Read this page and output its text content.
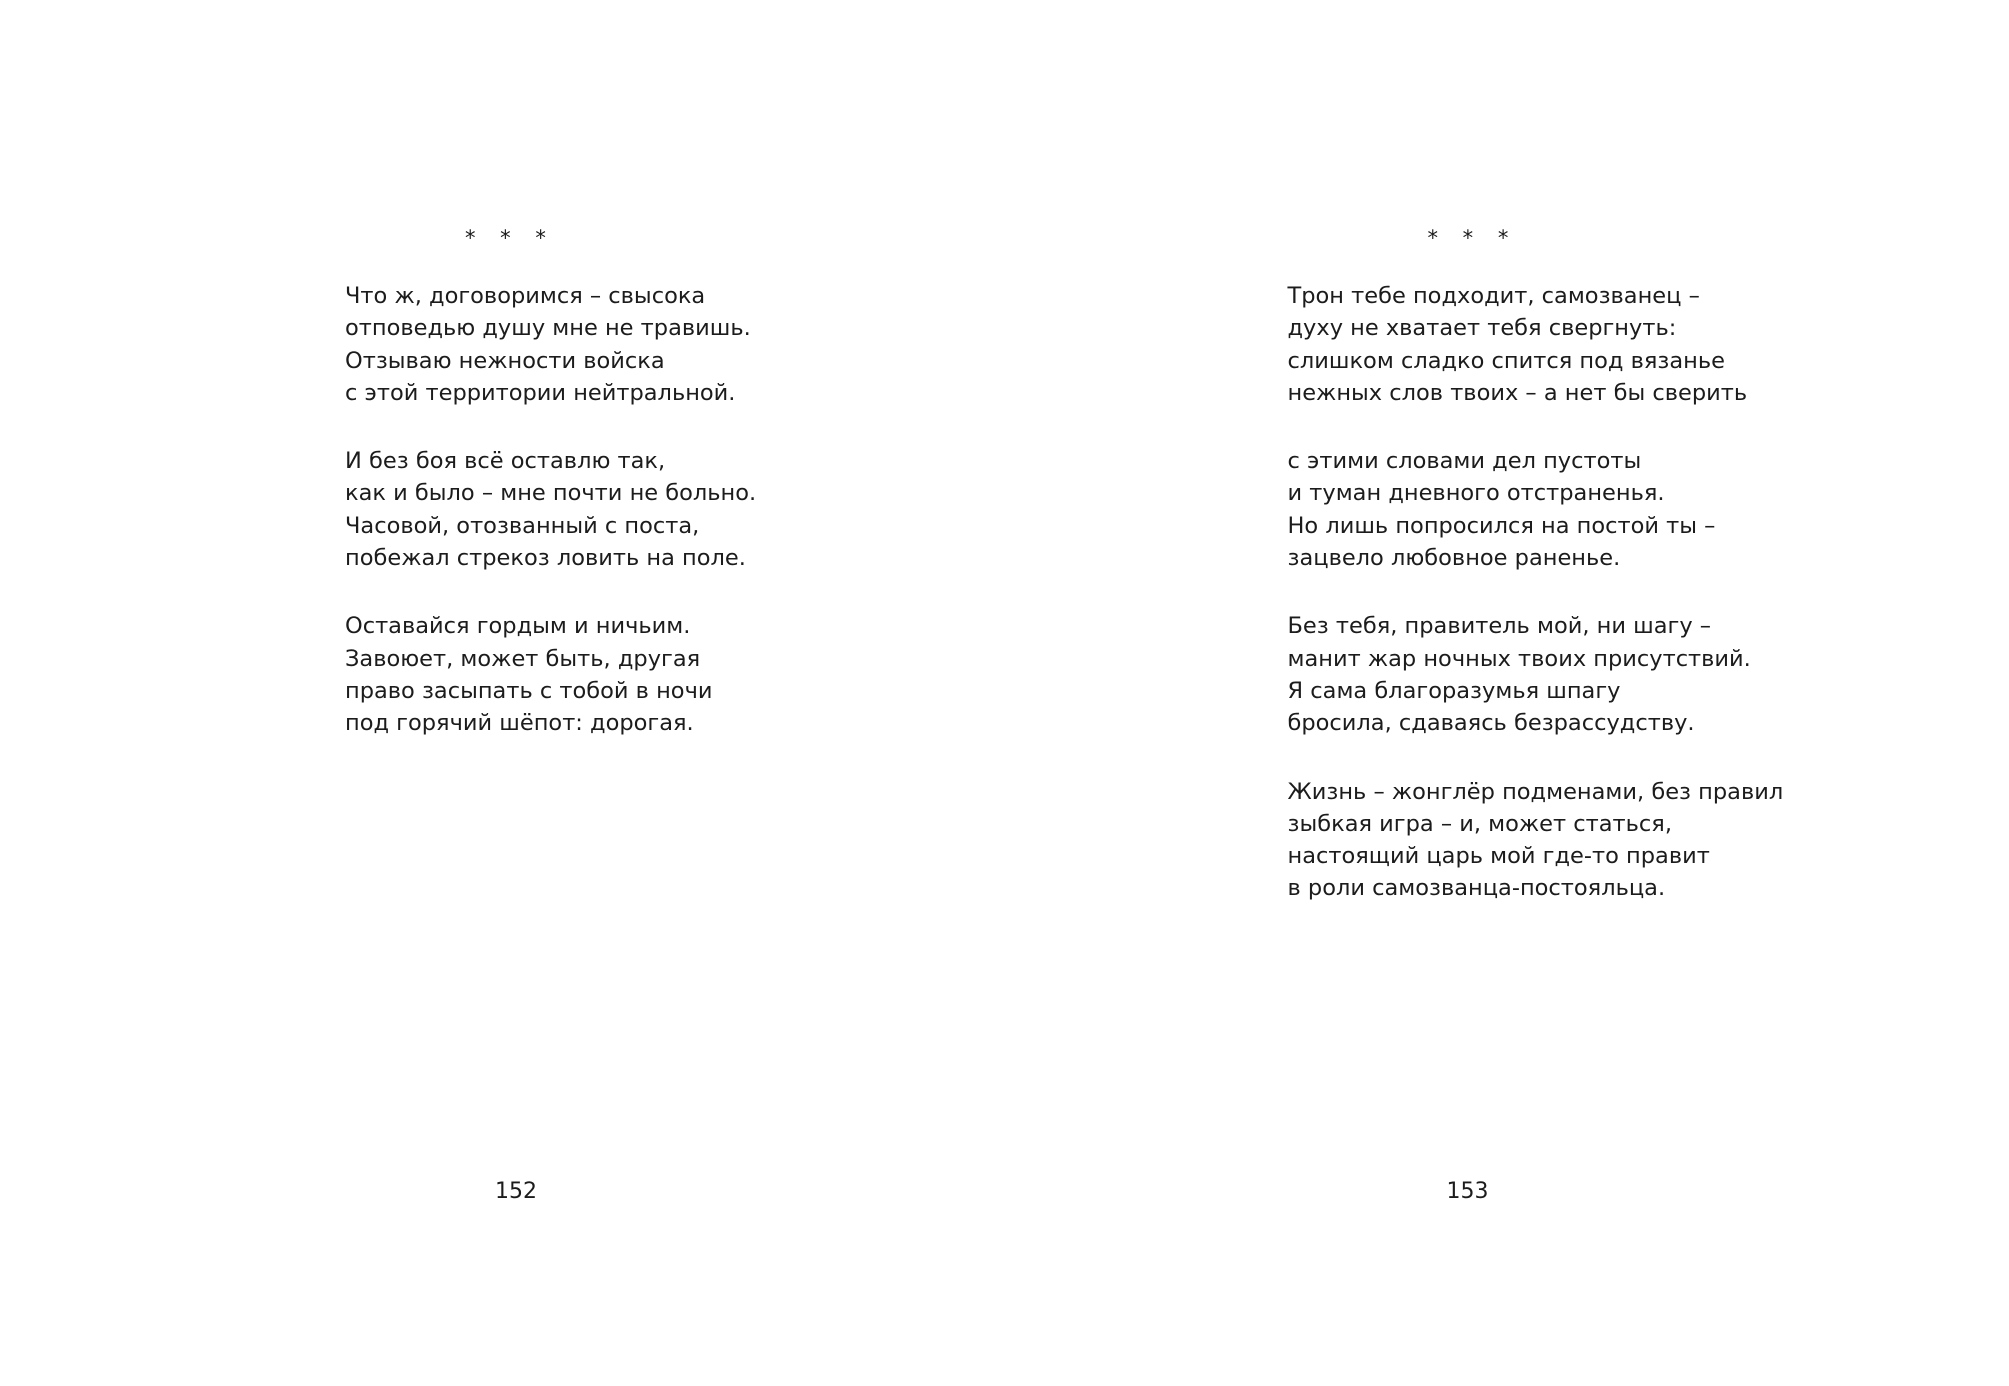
* * *
Что ж, договоримся – свысока
отповедью душу мне не травишь.
Отзываю нежности войска
с этой территории нейтральной.
И без боя всё оставлю так,
как и было – мне почти не больно.
Часовой, отозванный с поста,
побежал стрекоз ловить на поле.
Оставайся гордым и ничьим.
Завоюет, может быть, другая
право засыпать с тобой в ночи
под горячий шёпот: дорогая.
152
* * *
Трон тебе подходит, самозванец –
духу не хватает тебя свергнуть:
слишком сладко спится под вязанье
нежных слов твоих – а нет бы сверить
с этими словами дел пустоты
и туман дневного отстраненья.
Но лишь попросился на постой ты –
зацвело любовное раненье.
Без тебя, правитель мой, ни шагу –
манит жар ночных твоих присутствий.
Я сама благоразумья шпагу
бросила, сдаваясь безрассудству.
Жизнь – жонглёр подменами, без правил
зыбкая игра – и, может статься,
настоящий царь мой где-то правит
в роли самозванца-постояльца.
153
